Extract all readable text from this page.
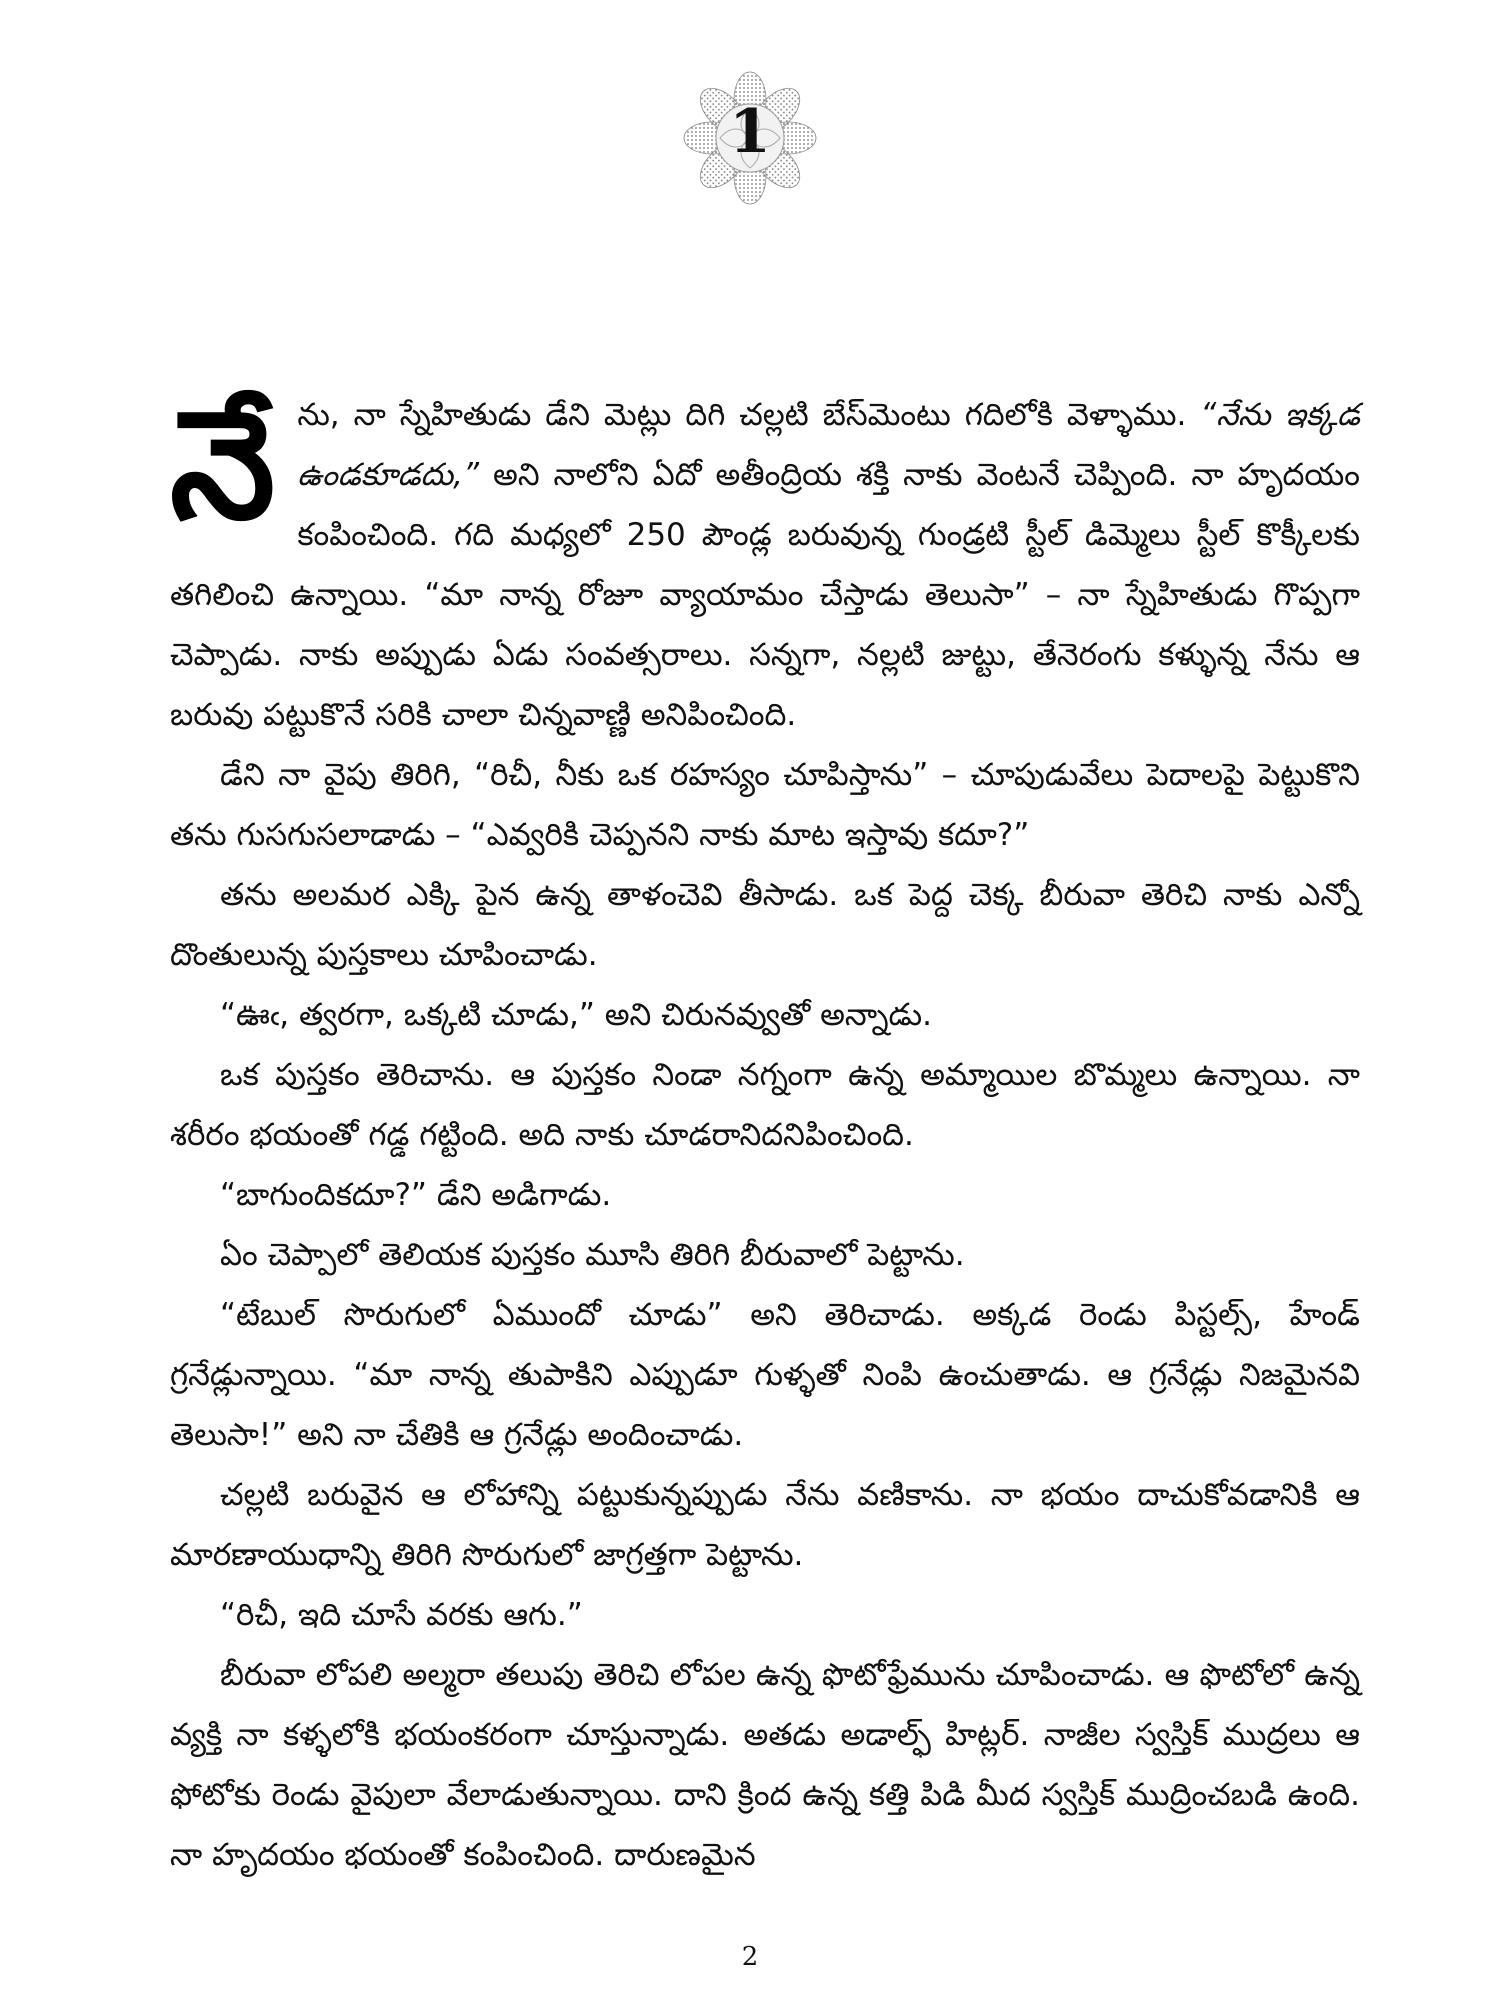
1

నేను, నా స్నేహితుడు డేని మెట్లు దిగి చల్లటి బేస్‌మెంటు గదిలోకి వెళ్ళాము. “నేను ఇక్కడ ఉండకూడదు,” అని నాలోని ఏదో అతీంద్రియ శక్తి నాకు వెంటనే చెప్పింది. నా హృదయం కంపించింది. గది మధ్యలో 250 పౌండ్ల బరువున్న గుండ్రటి స్టీల్ డిమ్మెలు స్టీల్ కొక్కీలకు తగిలించి ఉన్నాయి. “మా నాన్న రోజూ వ్యాయామం చేస్తాడు తెలుసా” – నా స్నేహితుడు గొప్పగా చెప్పాడు. నాకు అప్పుడు ఏడు సంవత్సరాలు. సన్నగా, నల్లటి జుట్టు, తేనెరంగు కళ్ళున్న నేను ఆ బరువు పట్టుకొనే సరికి చాలా చిన్నవాణ్ణి అనిపించింది.

డేని నా వైపు తిరిగి, “రిచీ, నీకు ఒక రహస్యం చూపిస్తాను” – చూపుడువేలు పెదాలపై పెట్టుకొని తను గుసగుసలాడాడు – “ఎవ్వరికి చెప్పనని నాకు మాట ఇస్తావు కదూ?”

తను అలమర ఎక్కి పైన ఉన్న తాళంచెవి తీసాడు. ఒక పెద్ద చెక్క బీరువా తెరిచి నాకు ఎన్నో దొంతులున్న పుస్తకాలు చూపించాడు.

“ఊఁ, త్వరగా, ఒక్కటి చూడు,” అని చిరునవ్వుతో అన్నాడు.

ఒక పుస్తకం తెరిచాను. ఆ పుస్తకం నిండా నగ్నంగా ఉన్న అమ్మాయిల బొమ్మలు ఉన్నాయి. నా శరీరం భయంతో గడ్డ గట్టింది. అది నాకు చూడరానిదనిపించింది.

“బాగుందికదూ?” డేని అడిగాడు.

ఏం చెప్పాలో తెలియక పుస్తకం మూసి తిరిగి బీరువాలో పెట్టాను.

“టేబుల్ సొరుగులో ఏముందో చూడు” అని తెరిచాడు. అక్కడ రెండు పిస్టల్స్, హేండ్ గ్రనేడ్లున్నాయి. “మా నాన్న తుపాకిని ఎప్పుడూ గుళ్ళతో నింపి ఉంచుతాడు. ఆ గ్రనేడ్లు నిజమైనవి తెలుసా!” అని నా చేతికి ఆ గ్రనేడ్లు అందించాడు.

చల్లటి బరువైన ఆ లోహాన్ని పట్టుకున్నప్పుడు నేను వణికాను. నా భయం దాచుకోవడానికి ఆ మారణాయుధాన్ని తిరిగి సొరుగులో జాగ్రత్తగా పెట్టాను.

“రిచీ, ఇది చూసే వరకు ఆగు.”

బీరువా లోపలి అల్మరా తలుపు తెరిచి లోపల ఉన్న ఫొటోఫ్రేమును చూపించాడు. ఆ ఫొటోలో ఉన్న వ్యక్తి నా కళ్ళలోకి భయంకరంగా చూస్తున్నాడు. అతడు అడాల్ఫ్ హిట్లర్. నాజీల స్వస్తిక్ ముద్రలు ఆ ఫోటోకు రెండు వైపులా వేలాడుతున్నాయి. దాని క్రింద ఉన్న కత్తి పిడి మీద స్వస్తిక్ ముద్రించబడి ఉంది. నా హృదయం భయంతో కంపించింది. దారుణమైన

2
